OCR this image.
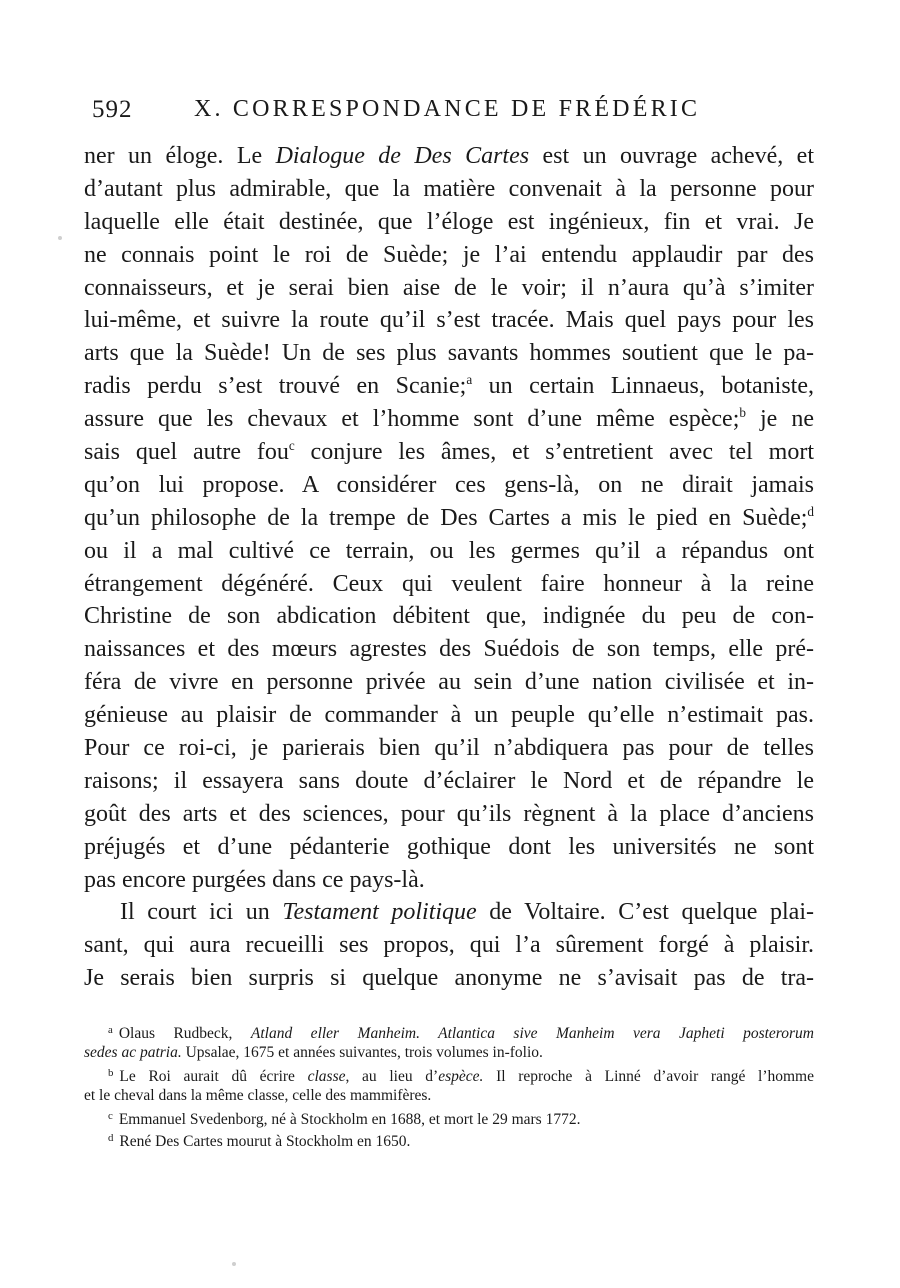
592	X. CORRESPONDANCE DE FRÉDÉRIC
ner un éloge. Le Dialogue de Des Cartes est un ouvrage achevé, et
d’autant plus admirable, que la matière convenait à la personne pour
laquelle elle était destinée, que l’éloge est ingénieux, fin et vrai. Je
ne connais point le roi de Suède; je l’ai entendu applaudir par des
connaisseurs, et je serai bien aise de le voir; il n’aura qu’à s’imiter
lui-même, et suivre la route qu’il s’est tracée. Mais quel pays pour les
arts que la Suède! Un de ses plus savants hommes soutient que le pa-
radis perdu s’est trouvé en Scanie;$^a$ un certain Linnaeus, botaniste,
assure que les chevaux et l’homme sont d’une même espèce;$^b$ je ne
sais quel autre fou$^c$ conjure les âmes, et s’entretient avec tel mort
qu’on lui propose. A considérer ces gens-là, on ne dirait jamais
qu’un philosophe de la trempe de Des Cartes a mis le pied en Suède;$^d$
ou il a mal cultivé ce terrain, ou les germes qu’il a répandus ont
étrangement dégénéré. Ceux qui veulent faire honneur à la reine
Christine de son abdication débitent que, indignée du peu de con-
naissances et des mœurs agrestes des Suédois de son temps, elle pré-
féra de vivre en personne privée au sein d’une nation civilisée et in-
génieuse au plaisir de commander à un peuple qu’elle n’estimait pas.
Pour ce roi-ci, je parierais bien qu’il n’abdiquera pas pour de telles
raisons; il essayera sans doute d’éclairer le Nord et de répandre le
goût des arts et des sciences, pour qu’ils règnent à la place d’anciens
préjugés et d’une pédanterie gothique dont les universités ne sont
pas encore purgées dans ce pays-là.
Il court ici un Testament politique de Voltaire. C’est quelque plai-
sant, qui aura recueilli ses propos, qui l’a sûrement forgé à plaisir.
Je serais bien surpris si quelque anonyme ne s’avisait pas de tra-
$^a$ Olaus Rudbeck, Atland eller Manheim. Atlantica sive Manheim vera Japheti posterorum
sedes ac patria. Upsalae, 1675 et années suivantes, trois volumes in-folio.
$^b$ Le Roi aurait dû écrire classe, au lieu d’espèce. Il reproche à Linné d’avoir rangé l’homme
et le cheval dans la même classe, celle des mammifères.
$^c$ Emmanuel Svedenborg, né à Stockholm en 1688, et mort le 29 mars 1772.
$^d$ René Des Cartes mourut à Stockholm en 1650.
